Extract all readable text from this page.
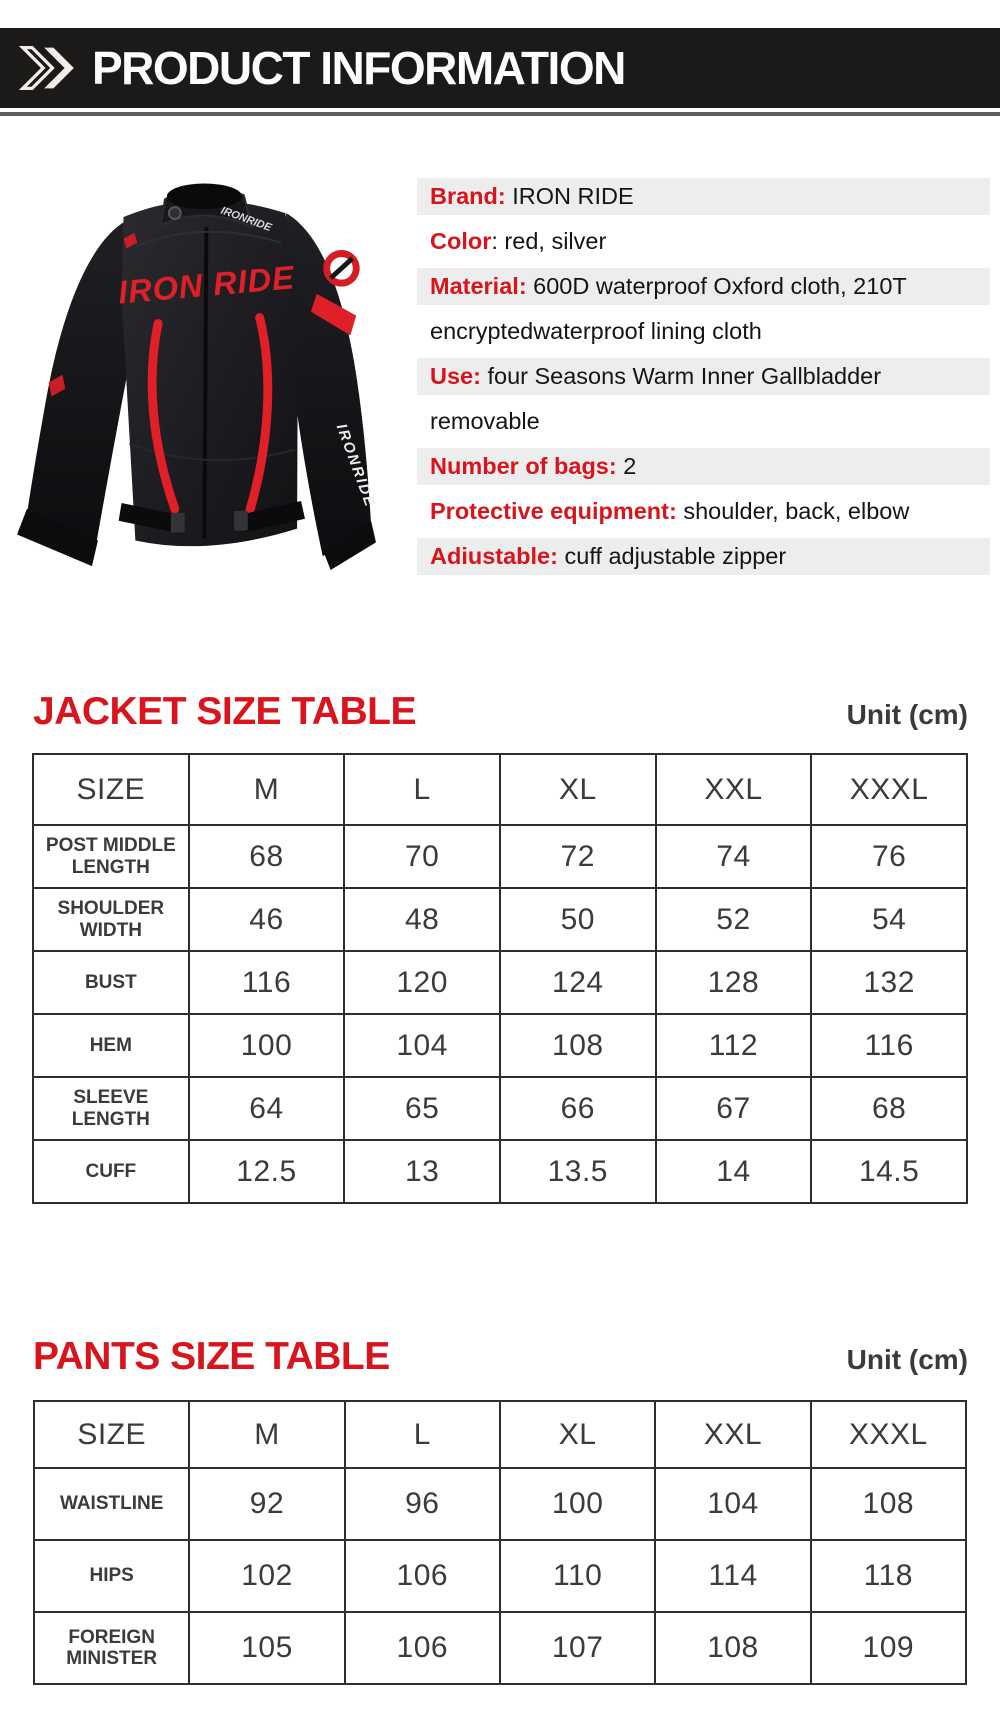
PRODUCT INFORMATION
IRON RIDE
IRONRIDE
IRONRIDE
Brand: IRON RIDE
Color: red, silver
Material: 600D waterproof Oxford cloth, 210T
encryptedwaterproof lining cloth
Use: four Seasons Warm Inner Gallbladder
removable
Number of bags: 2
Protective equipment: shoulder, back, elbow
Adiustable: cuff adjustable zipper
JACKET SIZE TABLE	Unit (cm)
SIZE	M	L	XL	XXL	XXXL
POST MIDDLE LENGTH	68	70	72	74	76
SHOULDER WIDTH	46	48	50	52	54
BUST	116	120	124	128	132
HEM	100	104	108	112	116
SLEEVE LENGTH	64	65	66	67	68
CUFF	12.5	13	13.5	14	14.5
PANTS SIZE TABLE	Unit (cm)
SIZE	M	L	XL	XXL	XXXL
WAISTLINE	92	96	100	104	108
HIPS	102	106	110	114	118
FOREIGN MINISTER	105	106	107	108	109
